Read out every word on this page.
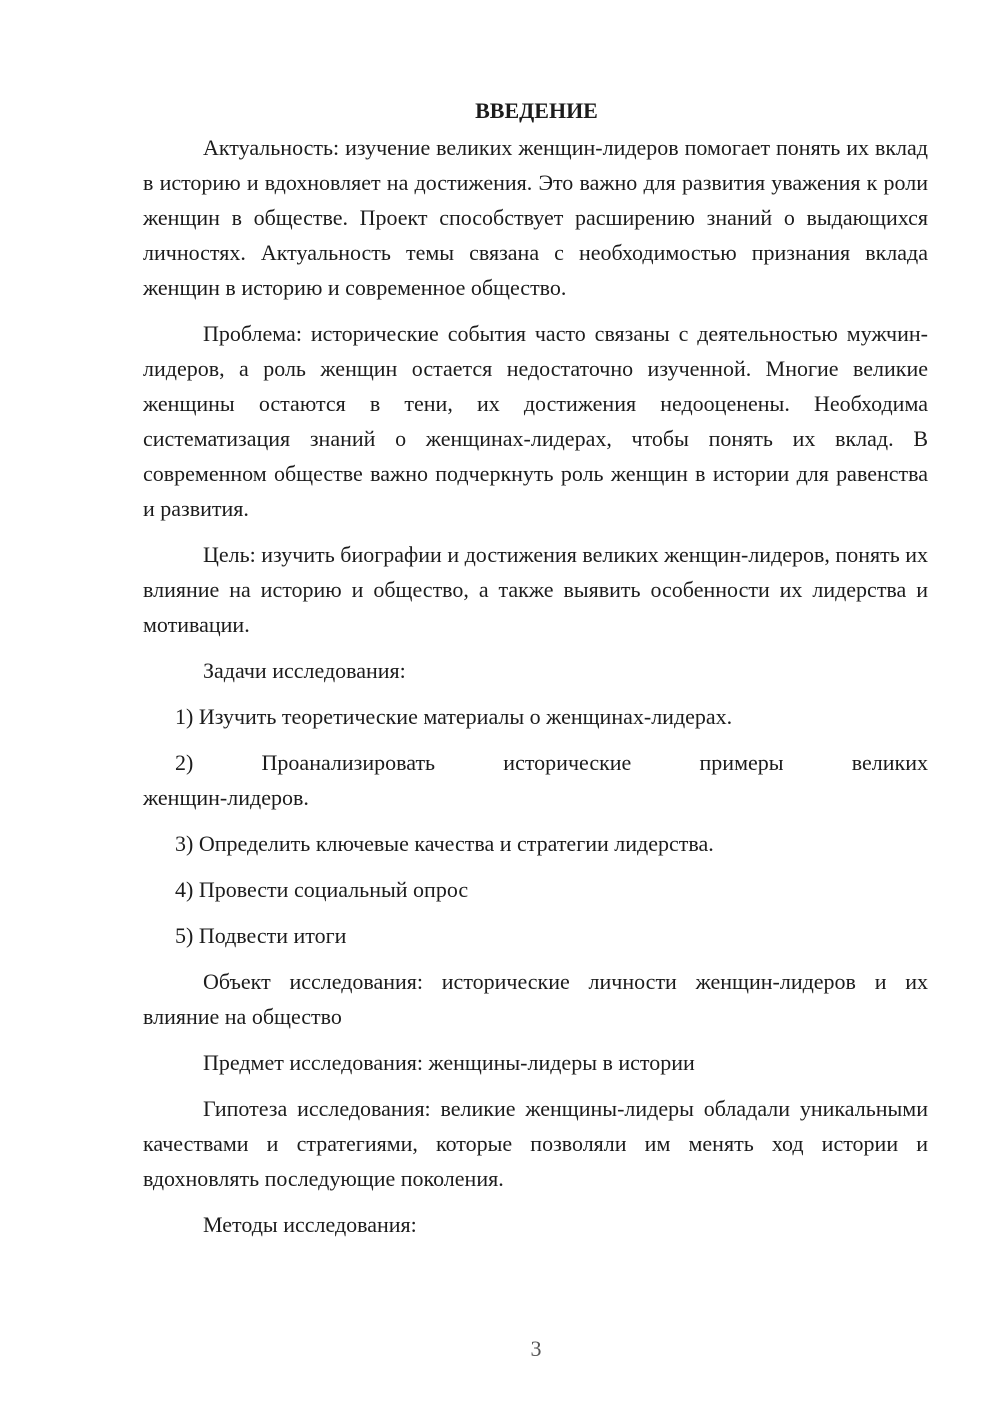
ВВЕДЕНИЕ

Актуальность: изучение великих женщин-лидеров помогает понять их вклад в историю и вдохновляет на достижения. Это важно для развития уважения к роли женщин в обществе. Проект способствует расширению знаний о выдающихся личностях. Актуальность темы связана с необходимостью признания вклада женщин в историю и современное общество.

Проблема: исторические события часто связаны с деятельностью мужчин-лидеров, а роль женщин остается недостаточно изученной. Многие великие женщины остаются в тени, их достижения недооценены. Необходима систематизация знаний о женщинах-лидерах, чтобы понять их вклад. В современном обществе важно подчеркнуть роль женщин в истории для равенства и развития.

Цель: изучить биографии и достижения великих женщин-лидеров, понять их влияние на историю и общество, а также выявить особенности их лидерства и мотивации.

Задачи исследования:

1) Изучить теоретические материалы о женщинах-лидерах.

2) Проанализировать исторические примеры великих
женщин-лидеров.

3) Определить ключевые качества и стратегии лидерства.

4) Провести социальный опрос

5) Подвести итоги

Объект исследования: исторические личности женщин-лидеров и их влияние на общество

Предмет исследования: женщины-лидеры в истории

Гипотеза исследования: великие женщины-лидеры обладали уникальными качествами и стратегиями, которые позволяли им менять ход истории и вдохновлять последующие поколения.

Методы исследования:

3
